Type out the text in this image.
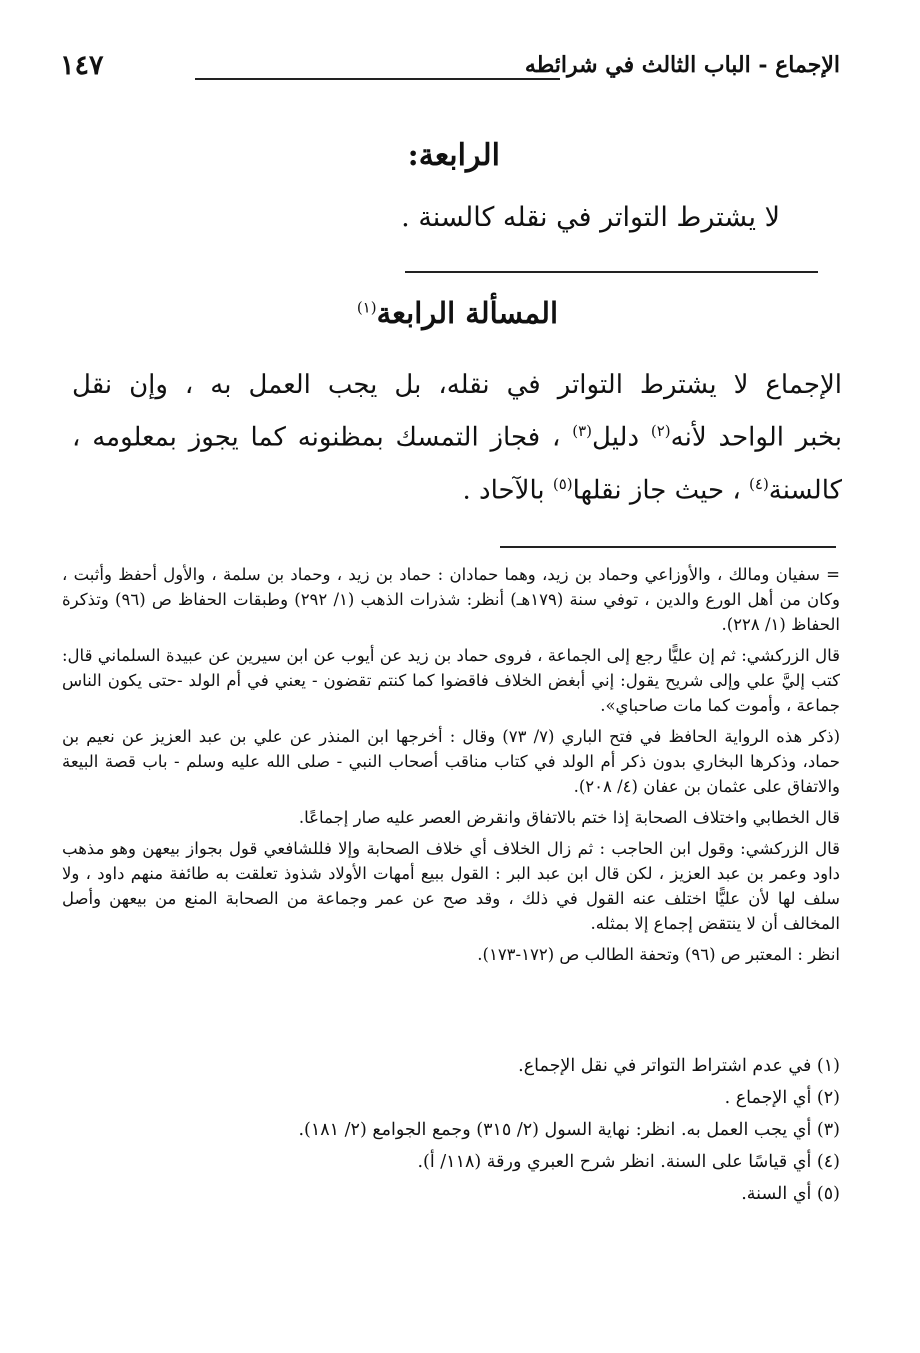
١٤٧	الإجماع - الباب الثالث في شرائطه
الرابعة:
لا يشترط التواتر في نقله كالسنة .
المسألة الرابعة$^{(١)}$
الإجماع لا يشترط التواتر في نقله، بل يجب العمل به ، وإن نقل
بخبر الواحد لأنه$^{(٢)}$ دليل$^{(٣)}$ ، فجاز التمسك بمظنونه كما يجوز بمعلومه ،
كالسنة$^{(٤)}$ ، حيث جاز نقلها$^{(٥)}$ بالآحاد .

= سفيان ومالك ، والأوزاعي وحماد بن زيد، وهما حمادان : حماد بن زيد ، وحماد بن سلمة ، والأول أحفظ وأثبت ، وكان من أهل الورع والدين ، توفي سنة (١٧٩هـ) أنظر: شذرات الذهب (١/ ٢٩٢) وطبقات الحفاظ ص (٩٦) وتذكرة الحفاظ (١/ ٢٢٨).

قال الزركشي: ثم إن عليًّا رجع إلى الجماعة ، فروى حماد بن زيد عن أيوب عن ابن سيرين عن عبيدة السلماني قال: كتب إليَّ علي وإلى شريح يقول: إني أبغض الخلاف فاقضوا كما كنتم تقضون - يعني في أم الولد -حتى يكون الناس جماعة ، وأموت كما مات صاحباي».

(ذكر هذه الرواية الحافظ في فتح الباري (٧/ ٧٣) وقال : أخرجها ابن المنذر عن علي بن عبد العزيز عن نعيم بن حماد، وذكرها البخاري بدون ذكر أم الولد في كتاب مناقب أصحاب النبي - صلى الله عليه وسلم - باب قصة البيعة والاتفاق على عثمان بن عفان (٤/ ٢٠٨).

قال الخطابي واختلاف الصحابة إذا ختم بالاتفاق وانقرض العصر عليه صار إجماعًا.

قال الزركشي: وقول ابن الحاجب : ثم زال الخلاف أي خلاف الصحابة وإلا فللشافعي قول بجواز بيعهن وهو مذهب داود وعمر بن عبد العزيز ، لكن قال ابن عبد البر : القول ببيع أمهات الأولاد شذوذ تعلقت به طائفة منهم داود ، ولا سلف لها لأن عليًّا اختلف عنه القول في ذلك ، وقد صح عن عمر وجماعة من الصحابة المنع من بيعهن وأصل المخالف أن لا ينتقض إجماع إلا بمثله.

انظر : المعتبر ص (٩٦) وتحفة الطالب ص (١٧٢-١٧٣).

(١) في عدم اشتراط التواتر في نقل الإجماع.

(٢) أي الإجماع .

(٣) أي يجب العمل به. انظر: نهاية السول (٢/ ٣١٥) وجمع الجوامع (٢/ ١٨١).

(٤) أي قياسًا على السنة. انظر شرح العبري ورقة (١١٨/ أ).

(٥) أي السنة.
